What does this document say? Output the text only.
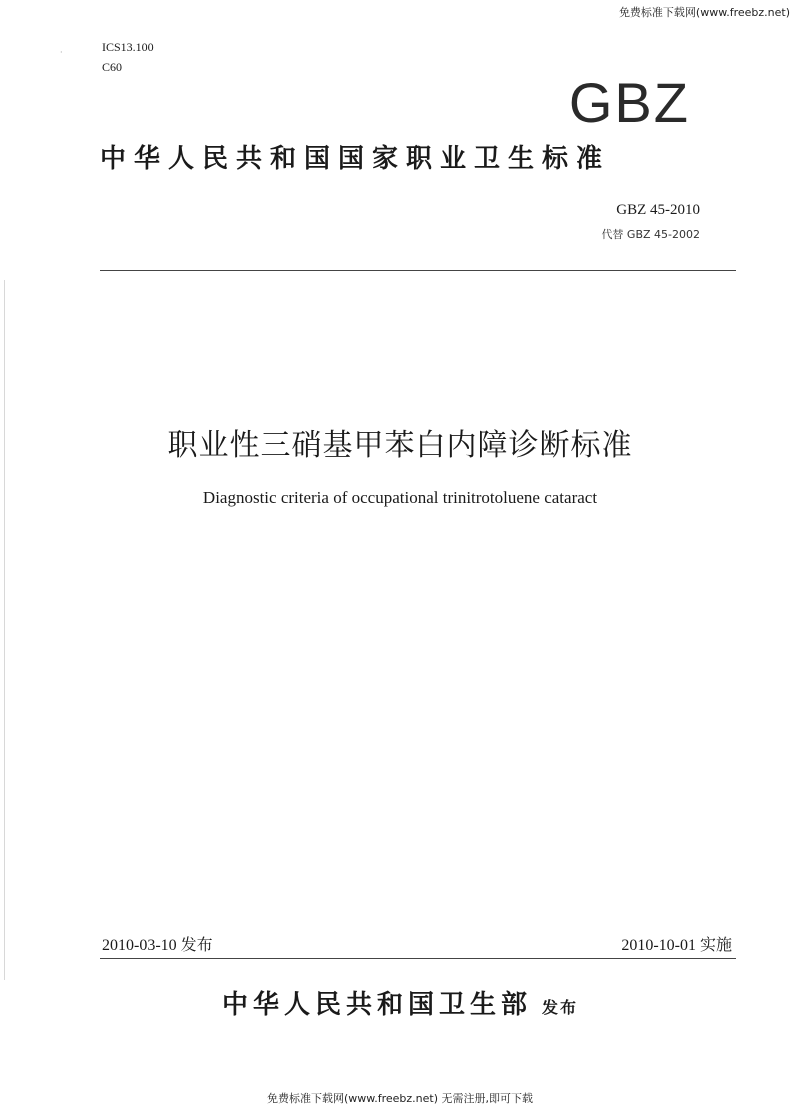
免费标准下载网(www.freebz.net)
·	ICS13.100
C60
GBZ
中华人民共和国国家职业卫生标准
GBZ 45-2010
代替 GBZ 45-2002
职业性三硝基甲苯白内障诊断标准
Diagnostic criteria of occupational trinitrotoluene cataract
2010-03-10 发布	2010-10-01 实施
中华人民共和国卫生部 发布
免费标准下载网(www.freebz.net) 无需注册,即可下载
